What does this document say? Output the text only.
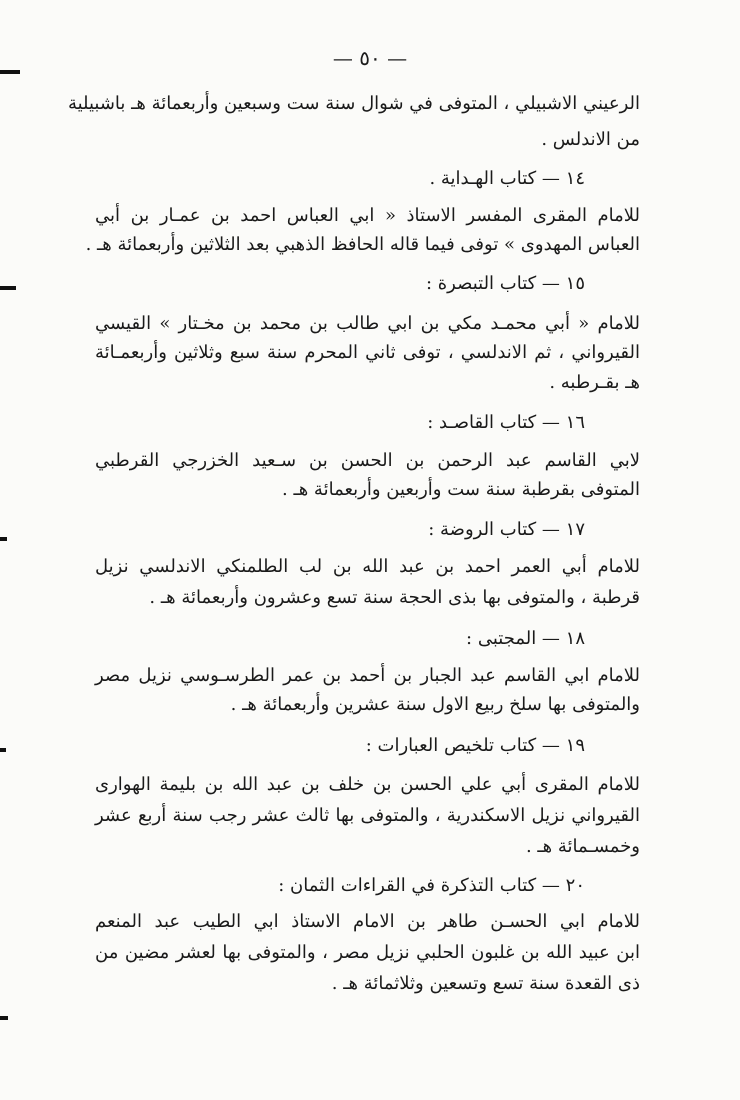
— ٥٠ —
الرعيني الاشبيلي ، المتوفى في شوال سنة ست وسبعين وأربعمائة هـ باشبيلية
من الاندلس .
١٤ — كتاب الهـداية .
للامام المقرى المفسر الاستاذ « ابي العباس احمد بن عمـار بن أبي
العباس المهدوى » توفى فيما قاله الحافظ الذهبي بعد الثلاثين وأربعمائة هـ .
١٥ — كتاب التبصرة :
للامام « أبي محمـد مكي بن ابي طالب بن محمد بن مخـتار » القيسي
القيرواني ، ثم الاندلسي ، توفى ثاني المحرم سنة سبع وثلاثين وأربعمـائة
هـ بقـرطبه .
١٦ — كتاب القاصـد :
لابي القاسم عبد الرحمن بن الحسن بن سـعيد الخزرجي القرطبي
المتوفى بقرطبة سنة ست وأربعين وأربعمائة هـ .
١٧ — كتاب الروضة :
للامام أبي العمر احمد بن عبد الله بن لب الطلمنكي الاندلسي نزيل
قرطبة ، والمتوفى بها بذى الحجة سنة تسع وعشرون وأربعمائة هـ .
١٨ — المجتبى :
للامام ابي القاسم عبد الجبار بن أحمد بن عمر الطرسـوسي نزيل مصر
والمتوفى بها سلخ ربيع الاول سنة عشرين وأربعمائة هـ .
١٩ — كتاب تلخيص العبارات :
للامام المقرى أبي علي الحسن بن خلف بن عبد الله بن بليمة الهوارى
القيرواني نزيل الاسكندرية ، والمتوفى بها ثالث عشر رجب سنة أربع عشر
وخمسـمائة هـ .
٢٠ — كتاب التذكرة في القراءات الثمان :
للامام ابي الحسـن طاهر بن الامام الاستاذ ابي الطيب عبد المنعم
ابن عبيد الله بن غلبون الحلبي نزيل مصر ، والمتوفى بها لعشر مضين من
ذى القعدة سنة تسع وتسعين وثلاثمائة هـ .
